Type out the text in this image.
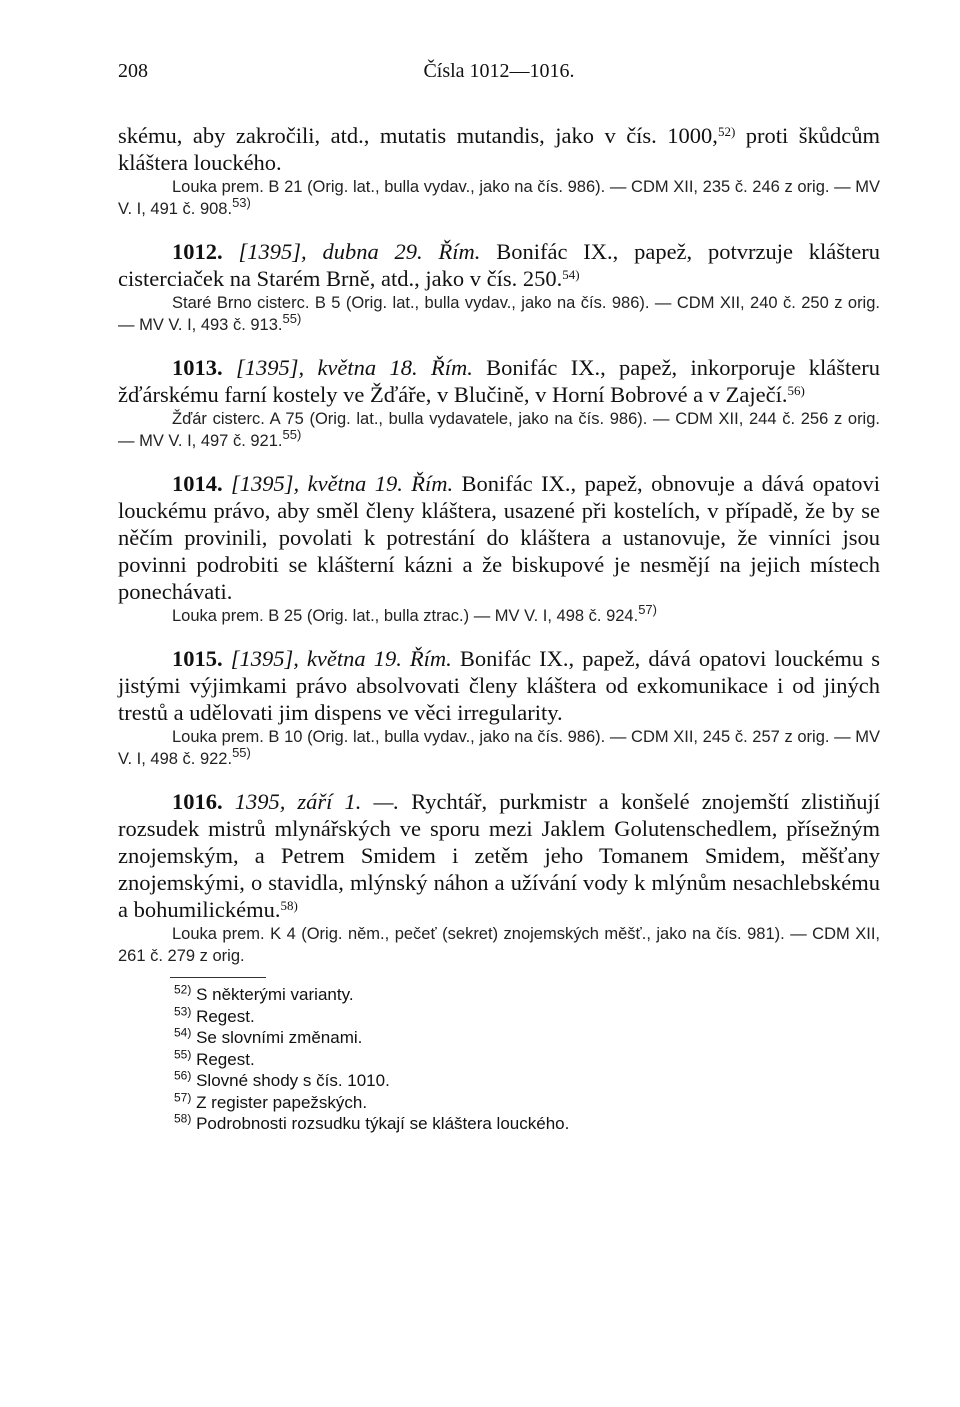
208	Čísla 1012—1016.

skému, aby zakročili, atd., mutatis mutandis, jako v čís. 1000,$^{52)}$ proti škůdcům kláštera louckého.

Louka prem. B 21 (Orig. lat., bulla vydav., jako na čís. 986). — CDM XII, 235 č. 246 z orig. — MV V. I, 491 č. 908.$^{53)}$

1012. [1395], dubna 29. Řím. Bonifác IX., papež, potvrzuje klášteru cisterciaček na Starém Brně, atd., jako v čís. 250.$^{54)}$

Staré Brno cisterc. B 5 (Orig. lat., bulla vydav., jako na čís. 986). — CDM XII, 240 č. 250 z orig. — MV V. I, 493 č. 913.$^{55)}$

1013. [1395], května 18. Řím. Bonifác IX., papež, inkorporuje klášteru žďárskému farní kostely ve Žďáře, v Blučině, v Horní Bobrové a v Zaječí.$^{56)}$

Žďár cisterc. A 75 (Orig. lat., bulla vydavatele, jako na čís. 986). — CDM XII, 244 č. 256 z orig. — MV V. I, 497 č. 921.$^{55)}$

1014. [1395], května 19. Řím. Bonifác IX., papež, obnovuje a dává opatovi louckému právo, aby směl členy kláštera, usazené při kostelích, v případě, že by se něčím provinili, povolati k potrestání do kláštera a ustanovuje, že vinníci jsou povinni podrobiti se klášterní kázni a že biskupové je nesmějí na jejich místech ponechávati.

Louka prem. B 25 (Orig. lat., bulla ztrac.) — MV V. I, 498 č. 924.$^{57)}$

1015. [1395], května 19. Řím. Bonifác IX., papež, dává opatovi louckému s jistými výjimkami právo absolvovati členy kláštera od exkomunikace i od jiných trestů a udělovati jim dispens ve věci irregularity.

Louka prem. B 10 (Orig. lat., bulla vydav., jako na čís. 986). — CDM XII, 245 č. 257 z orig. — MV V. I, 498 č. 922.$^{55)}$

1016. 1395, září 1. —. Rychtář, purkmistr a konšelé znojemští zlistiňují rozsudek mistrů mlynářských ve sporu mezi Jaklem Golutenschedlem, přísežným znojemským, a Petrem Smidem i zetěm jeho Tomanem Smidem, měšťany znojemskými, o stavidla, mlýnský náhon a užívání vody k mlýnům nesachlebskému a bohumilickému.$^{58)}$

Louka prem. K 4 (Orig. něm., pečeť (sekret) znojemských měšť., jako na čís. 981). — CDM XII, 261 č. 279 z orig.

$^{52)}$ S některými varianty.

$^{53)}$ Regest.

$^{54)}$ Se slovními změnami.

$^{55)}$ Regest.

$^{56)}$ Slovné shody s čís. 1010.

$^{57)}$ Z register papežských.

$^{58)}$ Podrobnosti rozsudku týkají se kláštera louckého.
